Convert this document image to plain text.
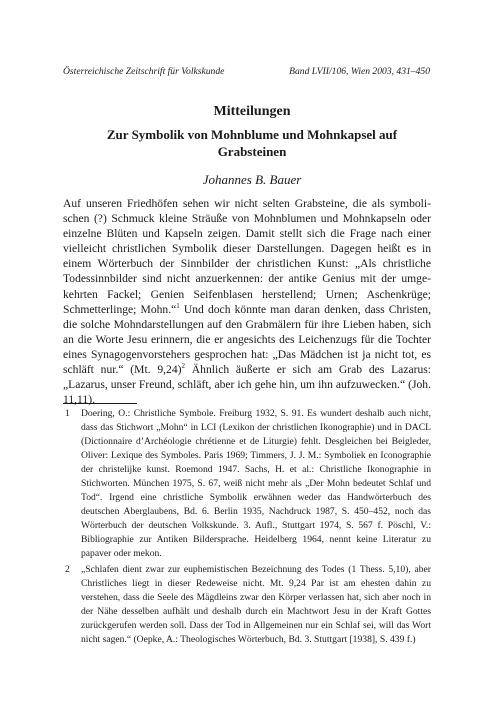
Österreichische Zeitschrift für Volkskunde	Band LVII/106, Wien 2003, 431–450
Mitteilungen
Zur Symbolik von Mohnblume und Mohnkapsel auf Grabsteinen
Johannes B. Bauer

Auf unseren Friedhöfen sehen wir nicht selten Grabsteine, die als symbolischen (?) Schmuck kleine Sträuße von Mohnblumen und Mohnkapseln oder einzelne Blüten und Kapseln zeigen. Damit stellt sich die Frage nach einer vielleicht christlichen Symbolik dieser Darstellungen. Dagegen heißt es in einem Wörterbuch der Sinnbilder der christlichen Kunst: „Als christliche Todessinnbilder sind nicht anzuerkennen: der antike Genius mit der umgekehrten Fackel; Genien Seifenblasen herstellend; Urnen; Aschenkrüge; Schmetterlinge; Mohn.“$^1$ Und doch könnte man daran denken, dass Christen, die solche Mohndarstellungen auf den Grabmälern für ihre Lieben haben, sich an die Worte Jesu erinnern, die er angesichts des Leichenzugs für die Tochter eines Synagogenvorstehers gesprochen hat: „Das Mädchen ist ja nicht tot, es schläft nur.“ (Mt. 9,24)$^2$ Ähnlich äußerte er sich am Grab des Lazarus: „Lazarus, unser Freund, schläft, aber ich gehe hin, um ihn aufzuwecken.“ (Joh. 11,11).

1 Doering, O.: Christliche Symbole. Freiburg 1932, S. 91. Es wundert deshalb auch nicht, dass das Stichwort „Mohn“ in LCI (Lexikon der christlichen Ikonographie) und in DACL (Dictionnaire d’Archéologie chrétienne et de Liturgie) fehlt. Desgleichen bei Beigleder, Oliver: Lexique des Symboles. Paris 1969; Timmers, J. J. M.: Symboliek en Iconographie der christelijke kunst. Roemond 1947. Sachs, H. et al.: Christliche Ikonographie in Stichworten. München 1975, S. 67, weiß nicht mehr als „Der Mohn bedeutet Schlaf und Tod“. Irgend eine christliche Symbolik erwähnen weder das Handwörterbuch des deutschen Aberglaubens, Bd. 6. Berlin 1935, Nachdruck 1987, S. 450–452, noch das Wörterbuch der deutschen Volkskunde. 3. Aufl., Stuttgart 1974, S. 567 f. Pöschl, V.: Bibliographie zur Antiken Bildersprache. Heidelberg 1964, nennt keine Literatur zu papaver oder mekon.
2 „Schlafen dient zwar zur euphemistischen Bezeichnung des Todes (1 Thess. 5,10), aber Christliches liegt in dieser Redeweise nicht. Mt. 9,24 Par ist am ehesten dahin zu verstehen, dass die Seele des Mägdleins zwar den Körper verlassen hat, sich aber noch in der Nähe desselben aufhält und deshalb durch ein Machtwort Jesu in der Kraft Gottes zurückgerufen werden soll. Dass der Tod in Allgemeinen nur ein Schlaf sei, will das Wort nicht sagen.“ (Oepke, A.: Theologisches Wörterbuch, Bd. 3. Stuttgart [1938], S. 439 f.)
